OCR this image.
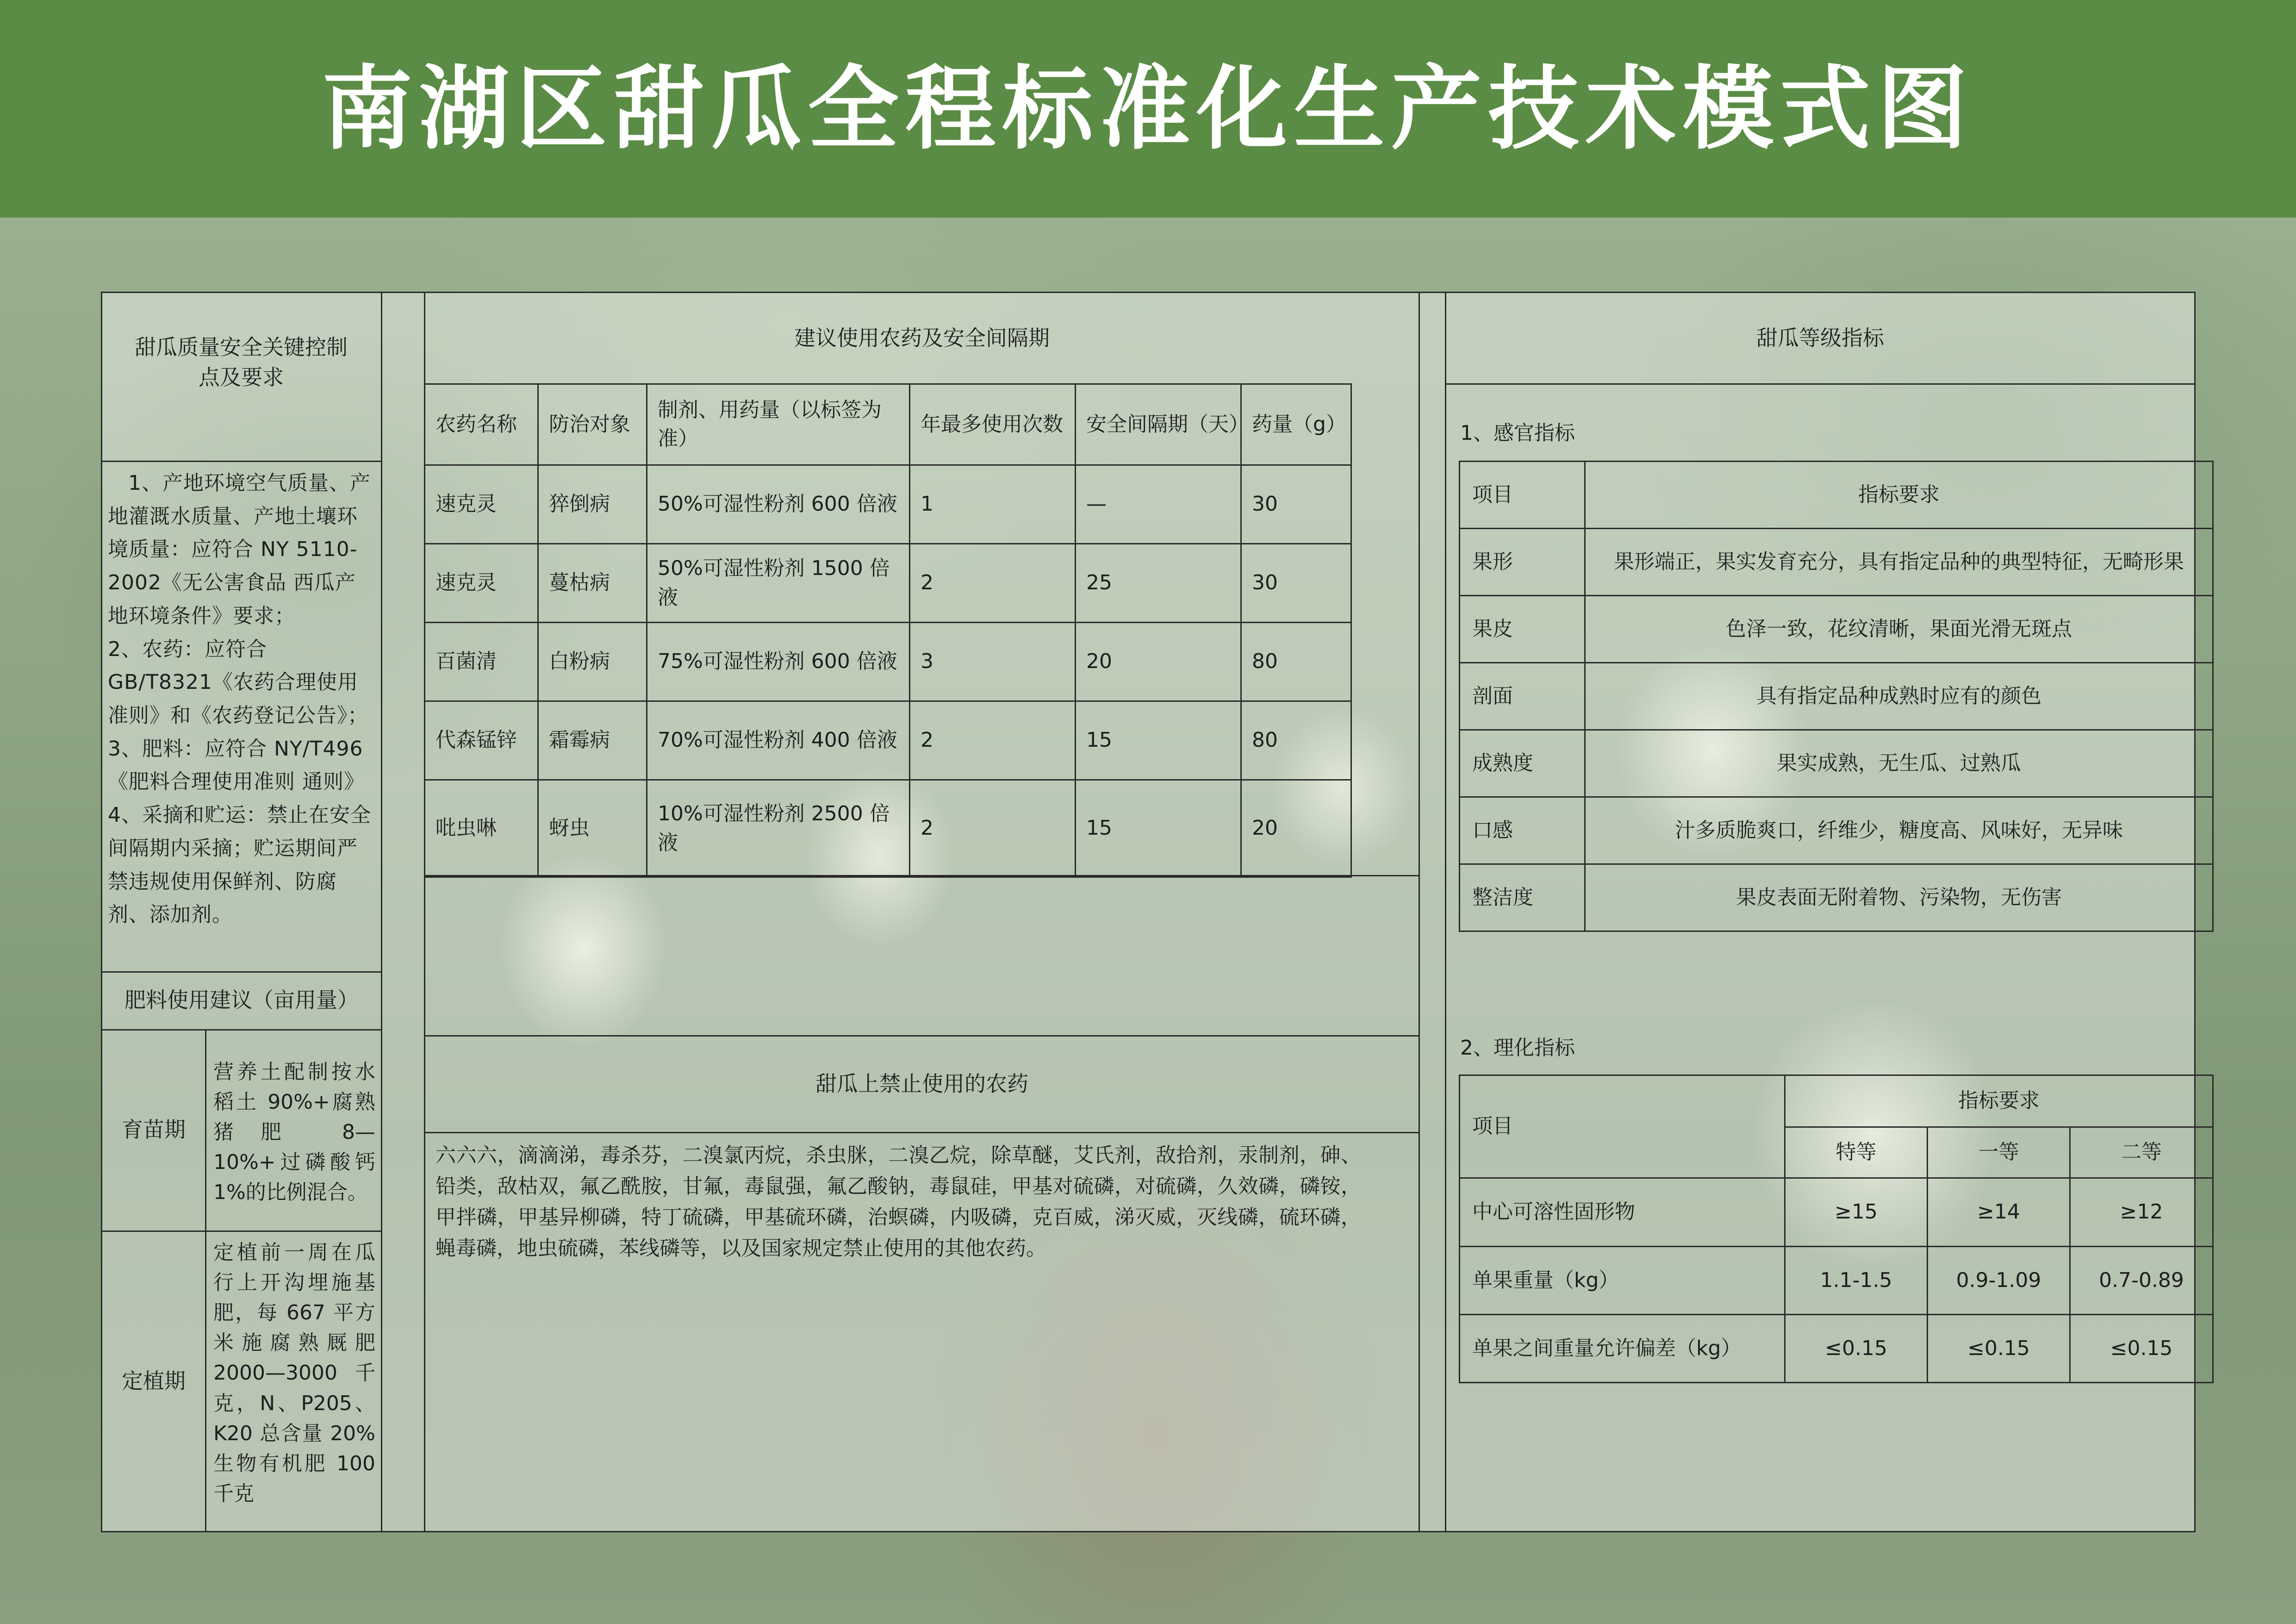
南湖区甜瓜全程标准化生产技术模式图
甜瓜质量安全关键控制点及要求
1、产地环境空气质量、产地灌溉水质量、产地土壤环境质量：应符合 NY 5110-2002《无公害食品 西瓜产地环境条件》要求；
2、农药：应符合 GB/T8321《农药合理使用准则》和《农药登记公告》；
3、肥料：应符合 NY/T496《肥料合理使用准则 通则》
4、采摘和贮运：禁止在安全间隔期内采摘；贮运期间严禁违规使用保鲜剂、防腐剂、添加剂。
肥料使用建议（亩用量）
育苗期
营养土配制按水稻土 90%+腐熟猪肥 8—10%+过磷酸钙 1%的比例混合。
定植期
定植前一周在瓜行上开沟埋施基肥，每 667 平方米施腐熟厩肥 2000—3000 千克，N、P205、K20 总含量 20%生物有机肥 100 千克
建议使用农药及安全间隔期
农药名称	防治对象	制剂、用药量（以标签为准）	年最多使用次数	安全间隔期（天）	药量（g）
速克灵	猝倒病	50%可湿性粉剂 600 倍液	1	—	30
速克灵	蔓枯病	50%可湿性粉剂 1500 倍液	2	25	30
百菌清	白粉病	75%可湿性粉剂 600 倍液	3	20	80
代森锰锌	霜霉病	70%可湿性粉剂 400 倍液	2	15	80
吡虫啉	蚜虫	10%可湿性粉剂 2500 倍液	2	15	20
甜瓜上禁止使用的农药
六六六，滴滴涕，毒杀芬，二溴氯丙烷，杀虫脒，二溴乙烷，除草醚，艾氏剂，敌拾剂，汞制剂，砷、铅类，敌枯双，氟乙酰胺，甘氟，毒鼠强，氟乙酸钠，毒鼠硅，甲基对硫磷，对硫磷，久效磷，磷铵，甲拌磷，甲基异柳磷，特丁硫磷，甲基硫环磷，治螟磷，内吸磷，克百威，涕灭威，灭线磷，硫环磷，蝇毒磷，地虫硫磷，苯线磷等，以及国家规定禁止使用的其他农药。
甜瓜等级指标
1、感官指标
项目	指标要求
果形	果形端正，果实发育充分，具有指定品种的典型特征，无畸形果
果皮	色泽一致，花纹清晰，果面光滑无斑点
剖面	具有指定品种成熟时应有的颜色
成熟度	果实成熟，无生瓜、过熟瓜
口感	汁多质脆爽口，纤维少，糖度高、风味好，无异味
整洁度	果皮表面无附着物、污染物，无伤害
2、理化指标
项目	指标要求		
	特等	一等	二等
中心可溶性固形物	≥15	≥14	≥12
单果重量（kg）	1.1-1.5	0.9-1.09	0.7-0.89
单果之间重量允许偏差（kg）	≤0.15	≤0.15	≤0.15
